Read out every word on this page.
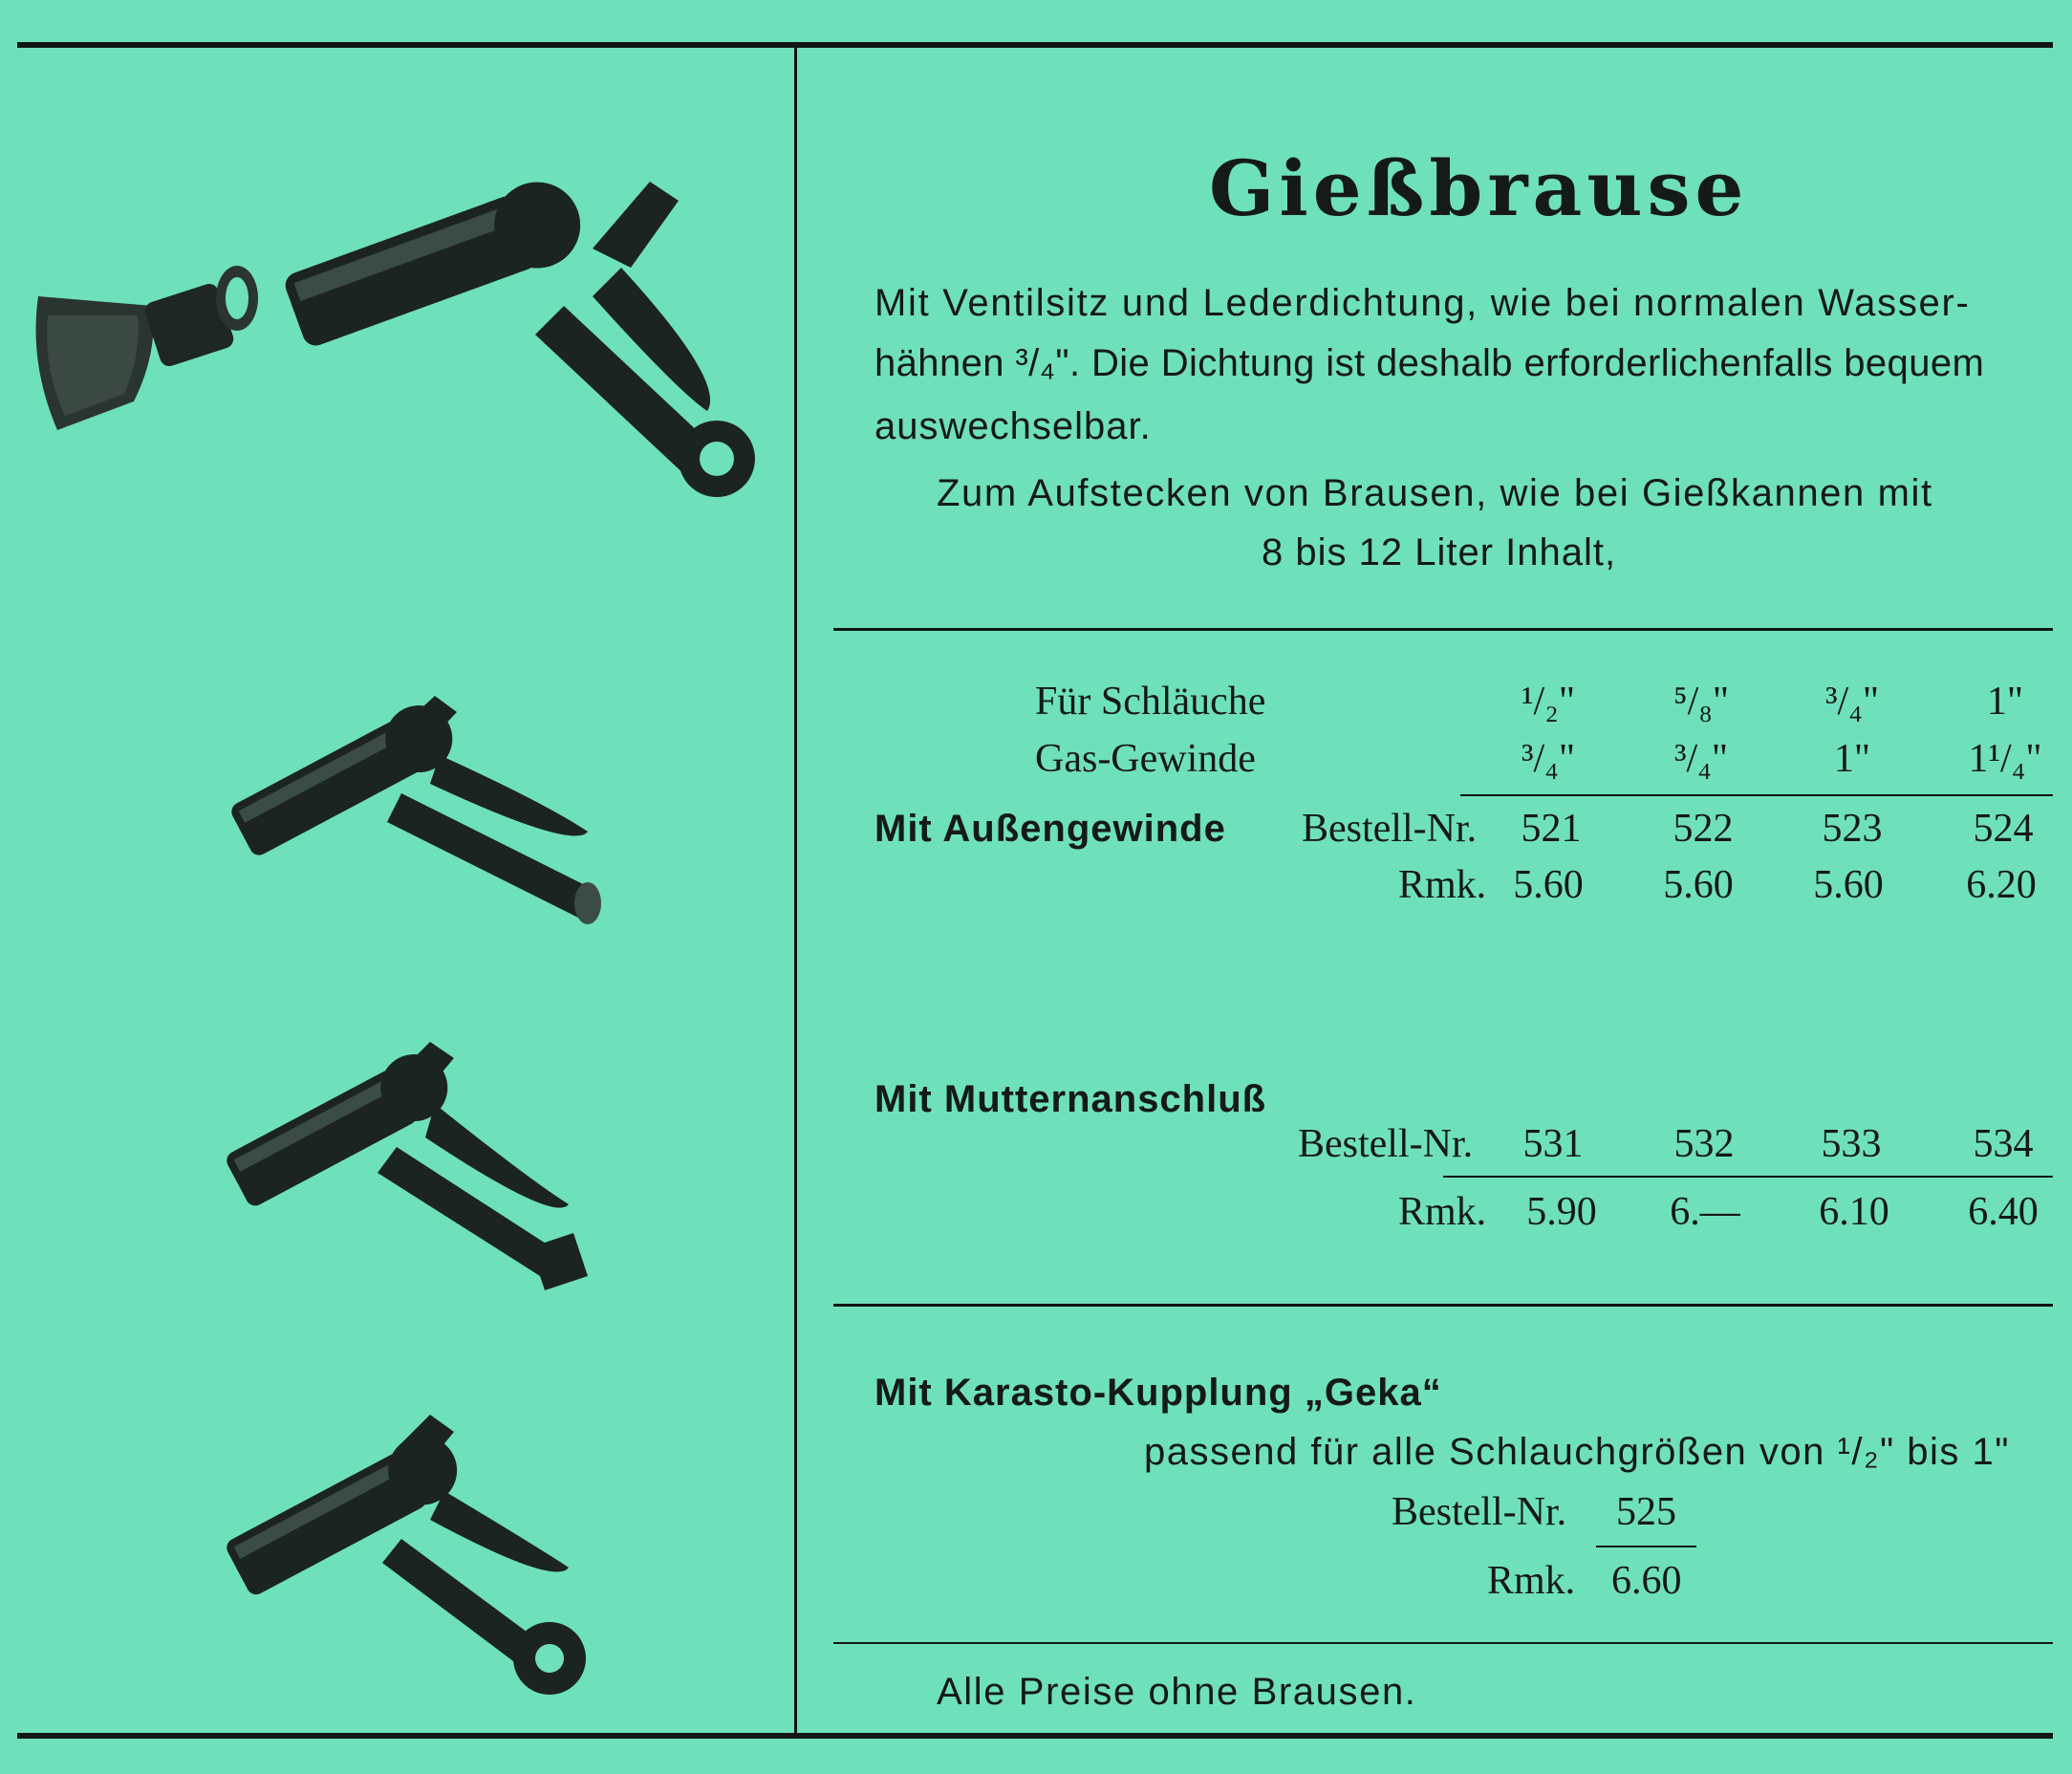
Gießbrause
Mit Ventilsitz und Lederdichtung, wie bei normalen Wasser-
hähnen ³/₄". Die Dichtung ist deshalb erforderlichenfalls bequem
auswechselbar.
Zum Aufstecken von Brausen, wie bei Gießkannen mit
8 bis 12 Liter Inhalt,
Für Schläuche
Gas-Gewinde
¹/₂"	⁵/₈"	³/₄"	1"
³/₄"	³/₄"	1"	1¹/₄"
Mit Außengewinde Bestell-Nr.	521	522	523	524
Rmk. 5.60	5.60	5.60	6.20
Mit Mutternanschluß
Bestell-Nr.	531	532	533	534
Rmk.	5.90	6.—	6.10	6.40
Mit Karasto-Kupplung „Geka“
passend für alle Schlauchgrößen von ¹/₂" bis 1"
Bestell-Nr. 525
Rmk. 6.60
Alle Preise ohne Brausen.
